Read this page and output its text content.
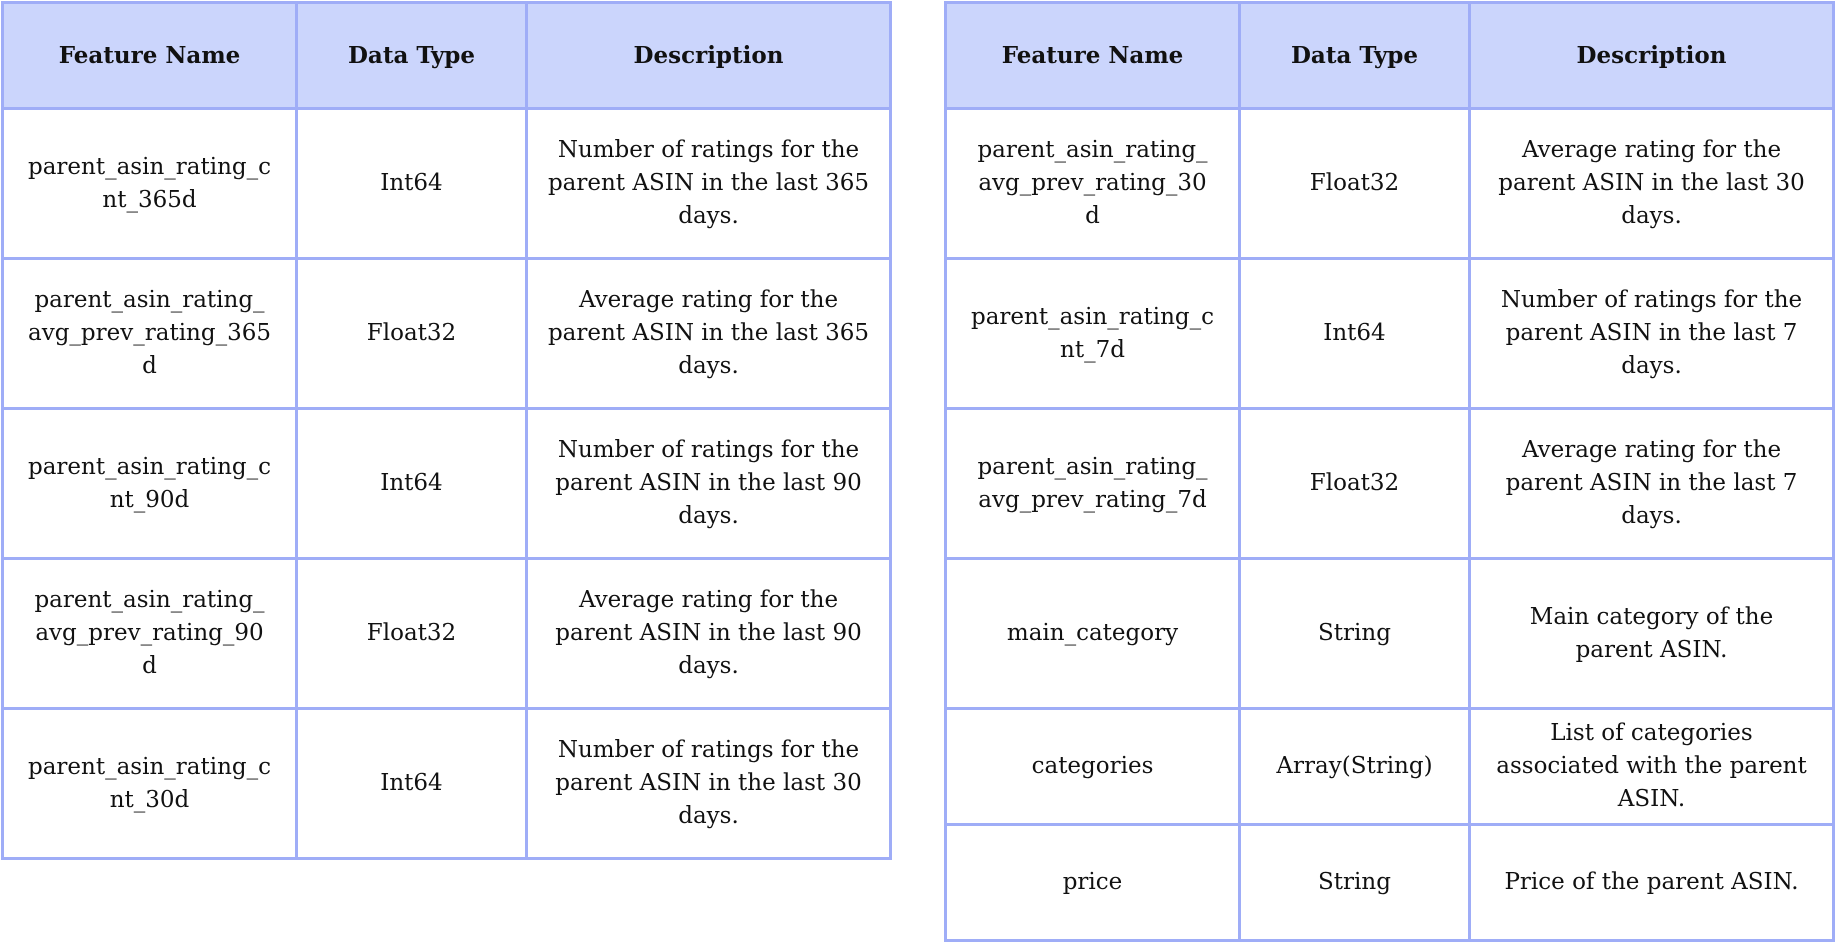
Feature Name	Data Type	Description
parent_asin_rating_cnt_365d	Int64	Number of ratings for the parent ASIN in the last 365 days.
parent_asin_rating_avg_prev_rating_365d	Float32	Average rating for the parent ASIN in the last 365 days.
parent_asin_rating_cnt_90d	Int64	Number of ratings for the parent ASIN in the last 90 days.
parent_asin_rating_avg_prev_rating_90d	Float32	Average rating for the parent ASIN in the last 90 days.
parent_asin_rating_cnt_30d	Int64	Number of ratings for the parent ASIN in the last 30 days.
Feature Name	Data Type	Description
parent_asin_rating_avg_prev_rating_30d	Float32	Average rating for the parent ASIN in the last 30 days.
parent_asin_rating_cnt_7d	Int64	Number of ratings for the parent ASIN in the last 7 days.
parent_asin_rating_avg_prev_rating_7d	Float32	Average rating for the parent ASIN in the last 7 days.
main_category	String	Main category of the parent ASIN.
categories	Array(String)	List of categories associated with the parent ASIN.
price	String	Price of the parent ASIN.
